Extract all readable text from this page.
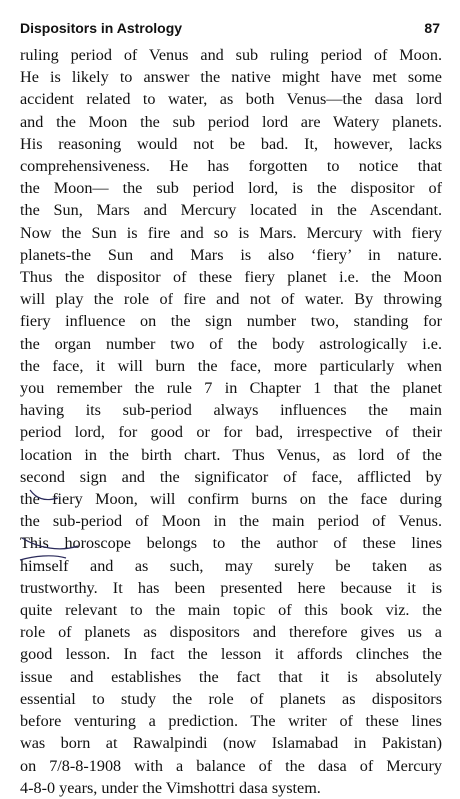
Dispositors in Astrology	87
ruling period of Venus and sub ruling period of Moon.
He is likely to answer the native might have met some
accident related to water, as both Venus—the dasa lord
and the Moon the sub period lord are Watery planets.
His reasoning would not be bad. It, however, lacks
comprehensiveness. He has forgotten to notice that
the Moon— the sub period lord, is the dispositor of
the Sun, Mars and Mercury located in the Ascendant.
Now the Sun is fire and so is Mars. Mercury with fiery
planets-the Sun and Mars is also ‘fiery’ in nature.
Thus the dispositor of these fiery planet i.e. the Moon
will play the role of fire and not of water. By throwing
fiery influence on the sign number two, standing for
the organ number two of the body astrologically i.e.
the face, it will burn the face, more particularly when
you remember the rule 7 in Chapter 1 that the planet
having its sub-period always influences the main
period lord, for good or for bad, irrespective of their
location in the birth chart. Thus Venus, as lord of the
second sign and the significator of face, afflicted by
the fiery Moon, will confirm burns on the face during
the sub-period of Moon in the main period of Venus.
This horoscope belongs to the author of these lines
himself and as such, may surely be taken as
trustworthy. It has been presented here because it is
quite relevant to the main topic of this book viz. the
role of planets as dispositors and therefore gives us a
good lesson. In fact the lesson it affords clinches the
issue and establishes the fact that it is absolutely
essential to study the role of planets as dispositors
before venturing a prediction. The writer of these lines
was born at Rawalpindi (now Islamabad in Pakistan)
on 7/8-8-1908 with a balance of the dasa of Mercury
4-8-0 years, under the Vimshottri dasa system.
